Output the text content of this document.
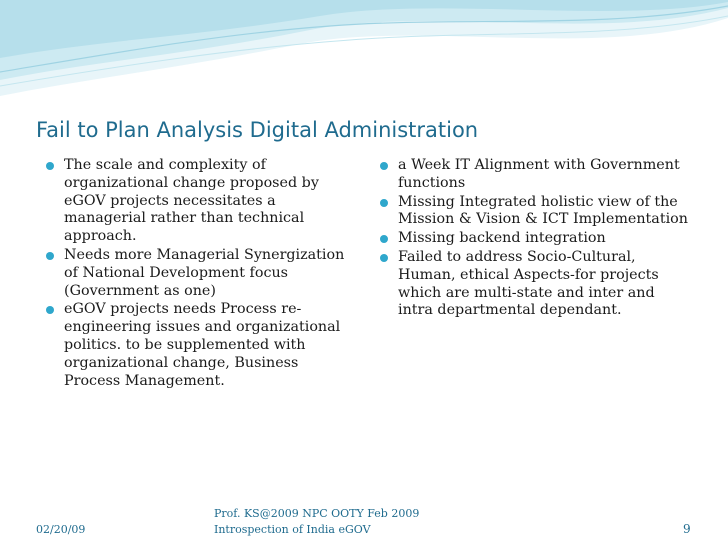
Fail to Plan Analysis Digital Administration
The scale and complexity of organizational change proposed by eGOV projects necessitates a managerial rather than technical approach.
Needs more Managerial Synergization of National Development focus (Government as one)
eGOV projects needs Process re-engineering issues and organizational politics. to be supplemented with organizational change, Business Process Management.
a Week IT Alignment with Government functions
Missing Integrated holistic view of the Mission & Vision & ICT Implementation
Missing backend integration
Failed to address Socio-Cultural, Human, ethical Aspects-for projects which are multi-state and inter and intra departmental dependant.
02/20/09
Prof. KS@2009 NPC OOTY Feb 2009
Introspection of India eGOV	9
